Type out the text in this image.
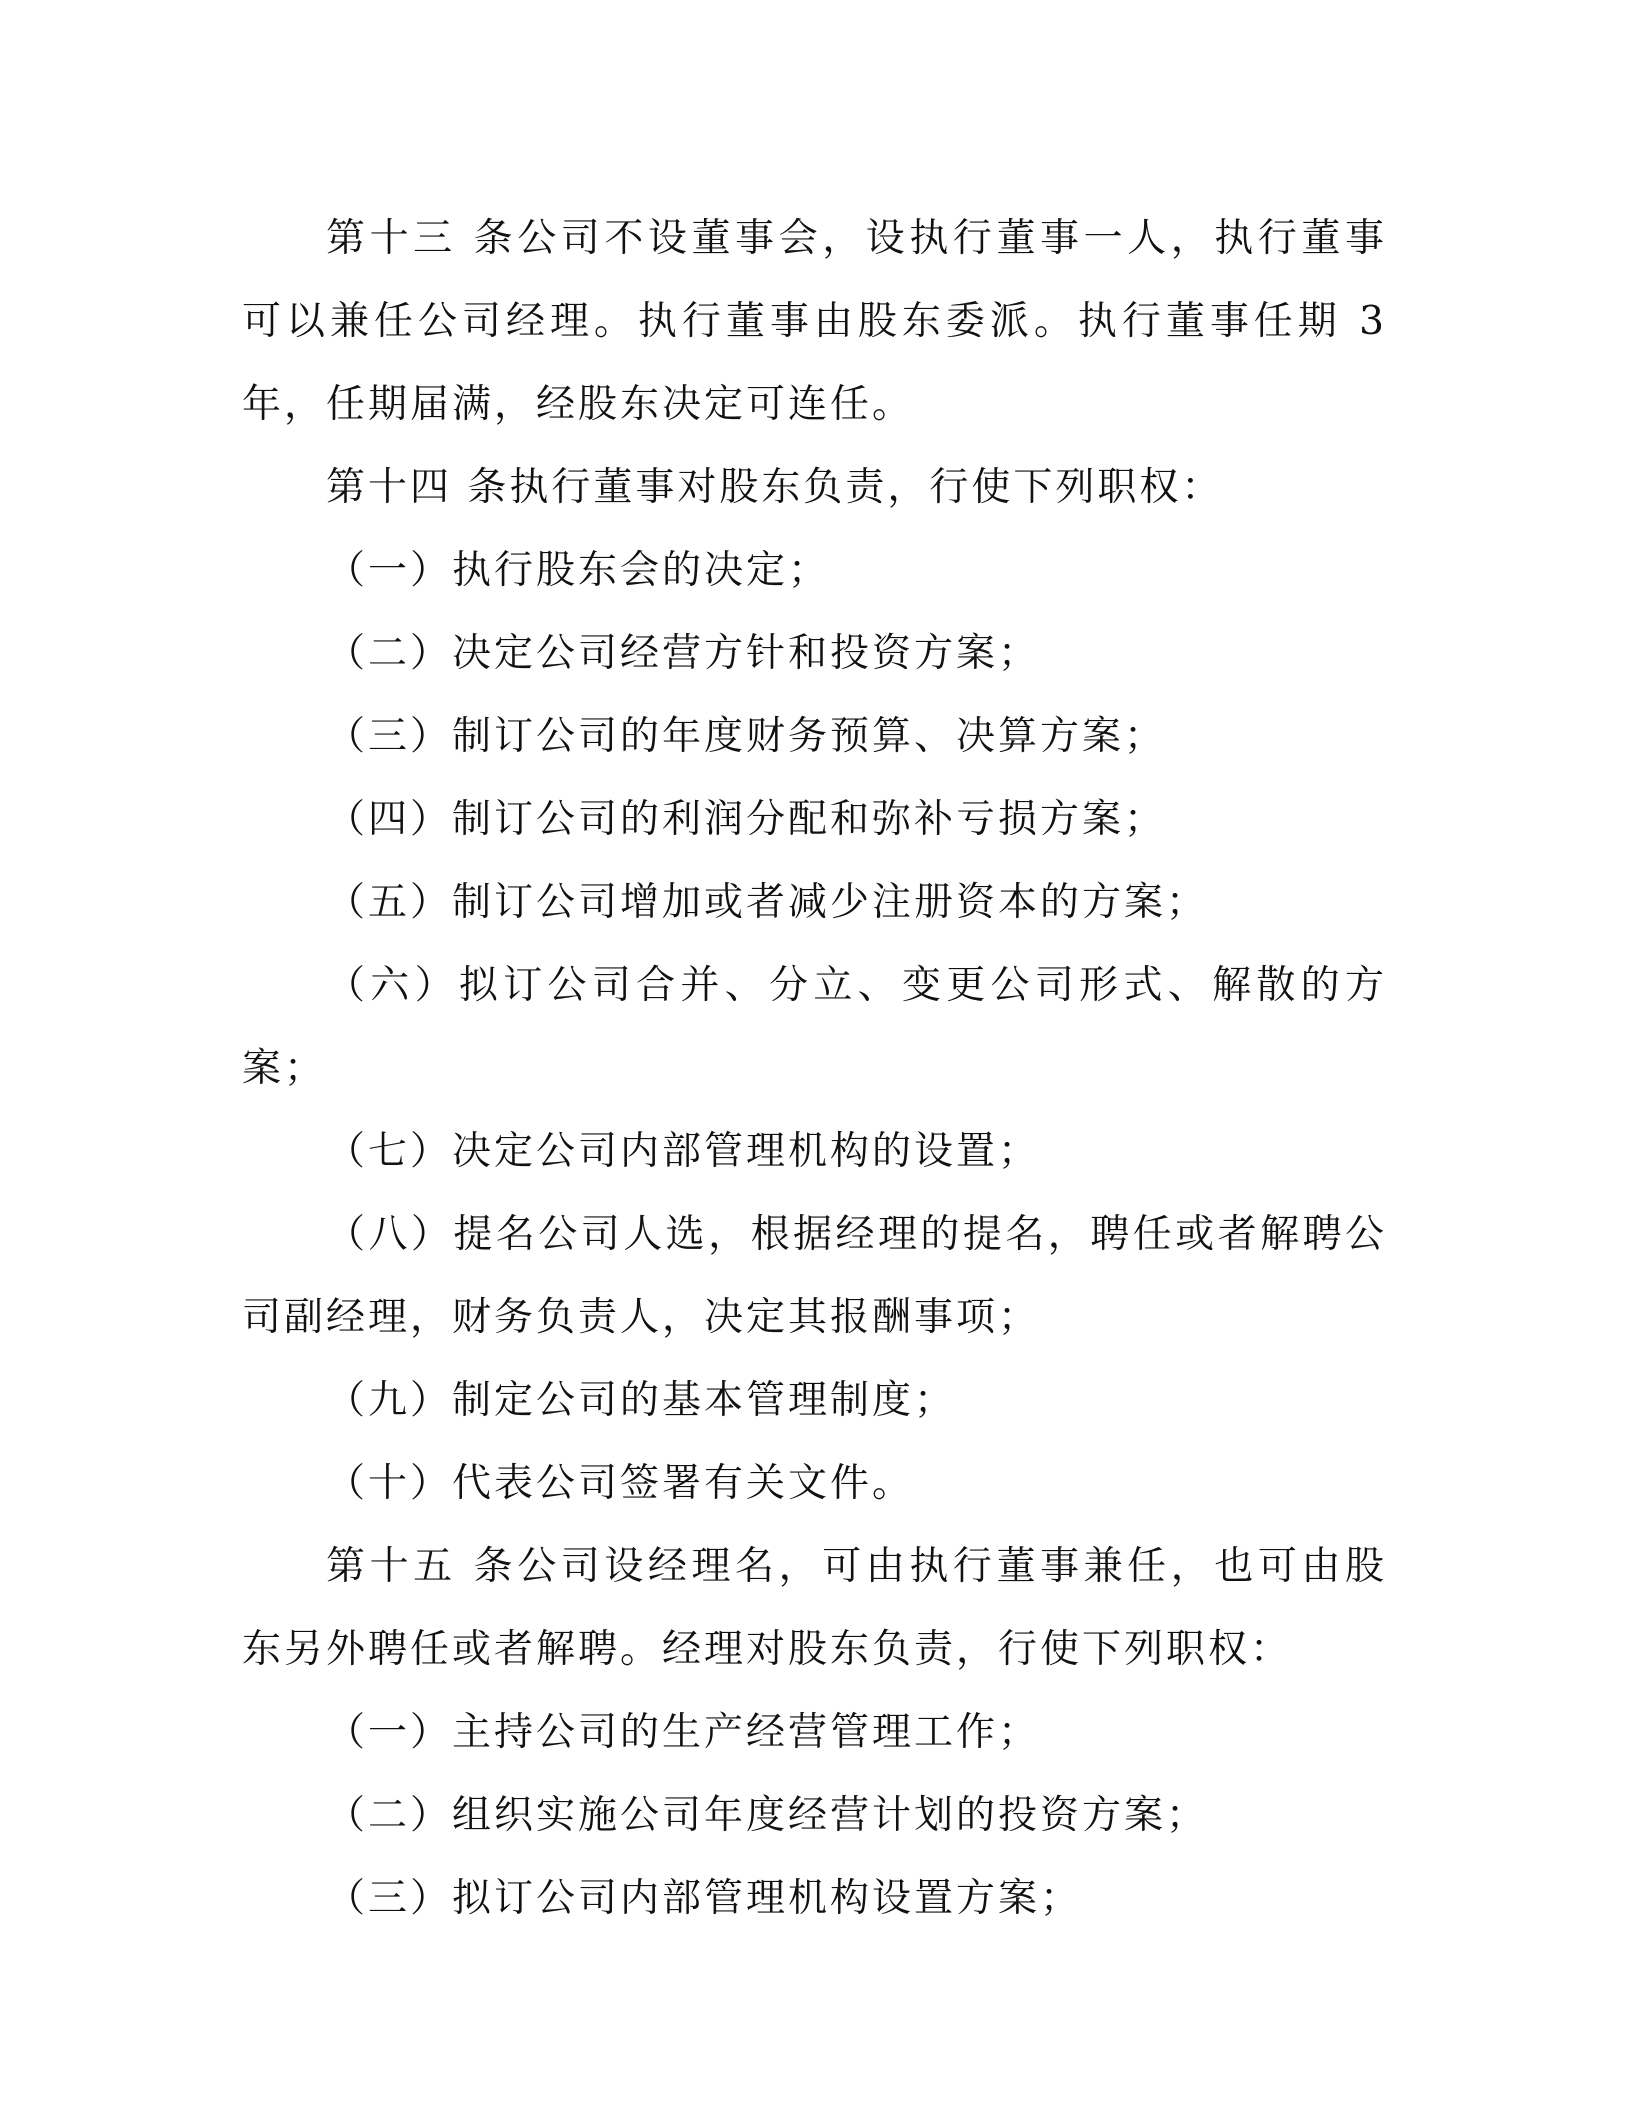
第十三 条公司不设董事会，设执行董事一人，执行董事可以兼任公司经理。执行董事由股东委派。执行董事任期 3 年，任期届满，经股东决定可连任。

第十四 条执行董事对股东负责，行使下列职权：

（一）执行股东会的决定；

（二）决定公司经营方针和投资方案；

（三）制订公司的年度财务预算、决算方案；

（四）制订公司的利润分配和弥补亏损方案；

（五）制订公司增加或者减少注册资本的方案；

（六）拟订公司合并、分立、变更公司形式、解散的方案；

（七）决定公司内部管理机构的设置；

（八）提名公司人选，根据经理的提名，聘任或者解聘公司副经理，财务负责人，决定其报酬事项；

（九）制定公司的基本管理制度；

（十）代表公司签署有关文件。

第十五 条公司设经理名，可由执行董事兼任，也可由股东另外聘任或者解聘。经理对股东负责，行使下列职权：

（一）主持公司的生产经营管理工作；

（二）组织实施公司年度经营计划的投资方案；

（三）拟订公司内部管理机构设置方案；
